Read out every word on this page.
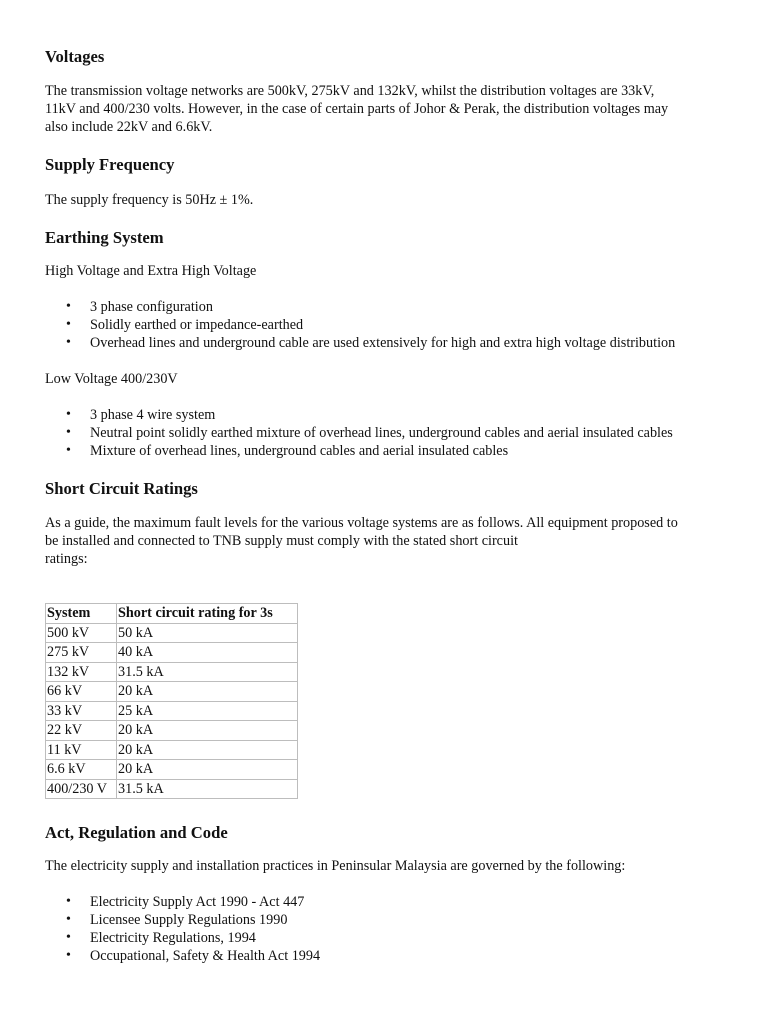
Voltages
The transmission voltage networks are 500kV, 275kV and 132kV, whilst the distribution voltages are 33kV,
11kV and 400/230 volts. However, in the case of certain parts of Johor & Perak, the distribution voltages may
also include 22kV and 6.6kV.
Supply Frequency
The supply frequency is 50Hz ± 1%.
Earthing System
High Voltage and Extra High Voltage
• 3 phase configuration
• Solidly earthed or impedance-earthed
• Overhead lines and underground cable are used extensively for high and extra high voltage distribution
Low Voltage 400/230V
• 3 phase 4 wire system
• Neutral point solidly earthed mixture of overhead lines, underground cables and aerial insulated cables
• Mixture of overhead lines, underground cables and aerial insulated cables
Short Circuit Ratings
As a guide, the maximum fault levels for the various voltage systems are as follows. All equipment proposed to
be installed and connected to TNB supply must comply with the stated short circuit
ratings:
System	Short circuit rating for 3s
500 kV	50 kA
275 kV	40 kA
132 kV	31.5 kA
66 kV	20 kA
33 kV	25 kA
22 kV	20 kA
11 kV	20 kA
6.6 kV	20 kA
400/230 V	31.5 kA
Act, Regulation and Code
The electricity supply and installation practices in Peninsular Malaysia are governed by the following:
• Electricity Supply Act 1990 - Act 447
• Licensee Supply Regulations 1990
• Electricity Regulations, 1994
• Occupational, Safety & Health Act 1994
